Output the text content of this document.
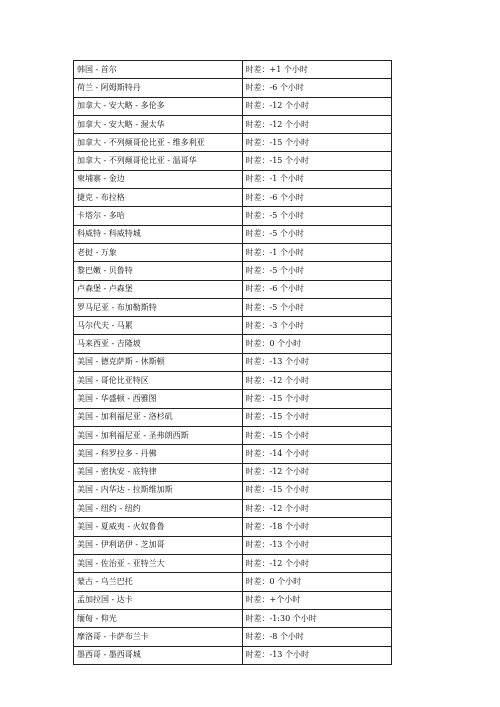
韩国 - 首尔	时差：+1 个小时
荷兰 - 阿姆斯特丹	时差：-6 个小时
加拿大 - 安大略 - 多伦多	时差：-12 个小时
加拿大 - 安大略 - 渥太华	时差：-12 个小时
加拿大 - 不列颠哥伦比亚 - 维多利亚	时差：-15 个小时
加拿大 - 不列颠哥伦比亚 - 温哥华	时差：-15 个小时
柬埔寨 - 金边	时差：-1 个小时
捷克 - 布拉格	时差：-6 个小时
卡塔尔 - 多哈	时差：-5 个小时
科威特 - 科威特城	时差：-5 个小时
老挝 - 万象	时差：-1 个小时
黎巴嫩 - 贝鲁特	时差：-5 个小时
卢森堡 - 卢森堡	时差：-6 个小时
罗马尼亚 - 布加勒斯特	时差：-5 个小时
马尔代夫 - 马累	时差：-3 个小时
马来西亚 - 吉隆坡	时差：0 个小时
美国 - 德克萨斯 - 休斯顿	时差：-13 个小时
美国 - 哥伦比亚特区	时差：-12 个小时
美国 - 华盛顿 - 西雅图	时差：-15 个小时
美国 - 加利福尼亚 - 洛杉矶	时差：-15 个小时
美国 - 加利福尼亚 - 圣弗朗西斯	时差：-15 个小时
美国 - 科罗拉多 - 丹佛	时差：-14 个小时
美国 - 密执安 - 底特律	时差：-12 个小时
美国 - 内华达 - 拉斯维加斯	时差：-15 个小时
美国 - 纽约 - 纽约	时差：-12 个小时
美国 - 夏威夷 - 火奴鲁鲁	时差：-18 个小时
美国 - 伊利诺伊 - 芝加哥	时差：-13 个小时
美国 - 佐治亚 - 亚特兰大	时差：-12 个小时
蒙古 - 乌兰巴托	时差：0 个小时
孟加拉国 - 达卡	时差：+个小时
缅甸 - 仰光	时差：-1:30 个小时
摩洛哥 - 卡萨布兰卡	时差：-8 个小时
墨西哥 - 墨西哥城	时差：-13 个小时
